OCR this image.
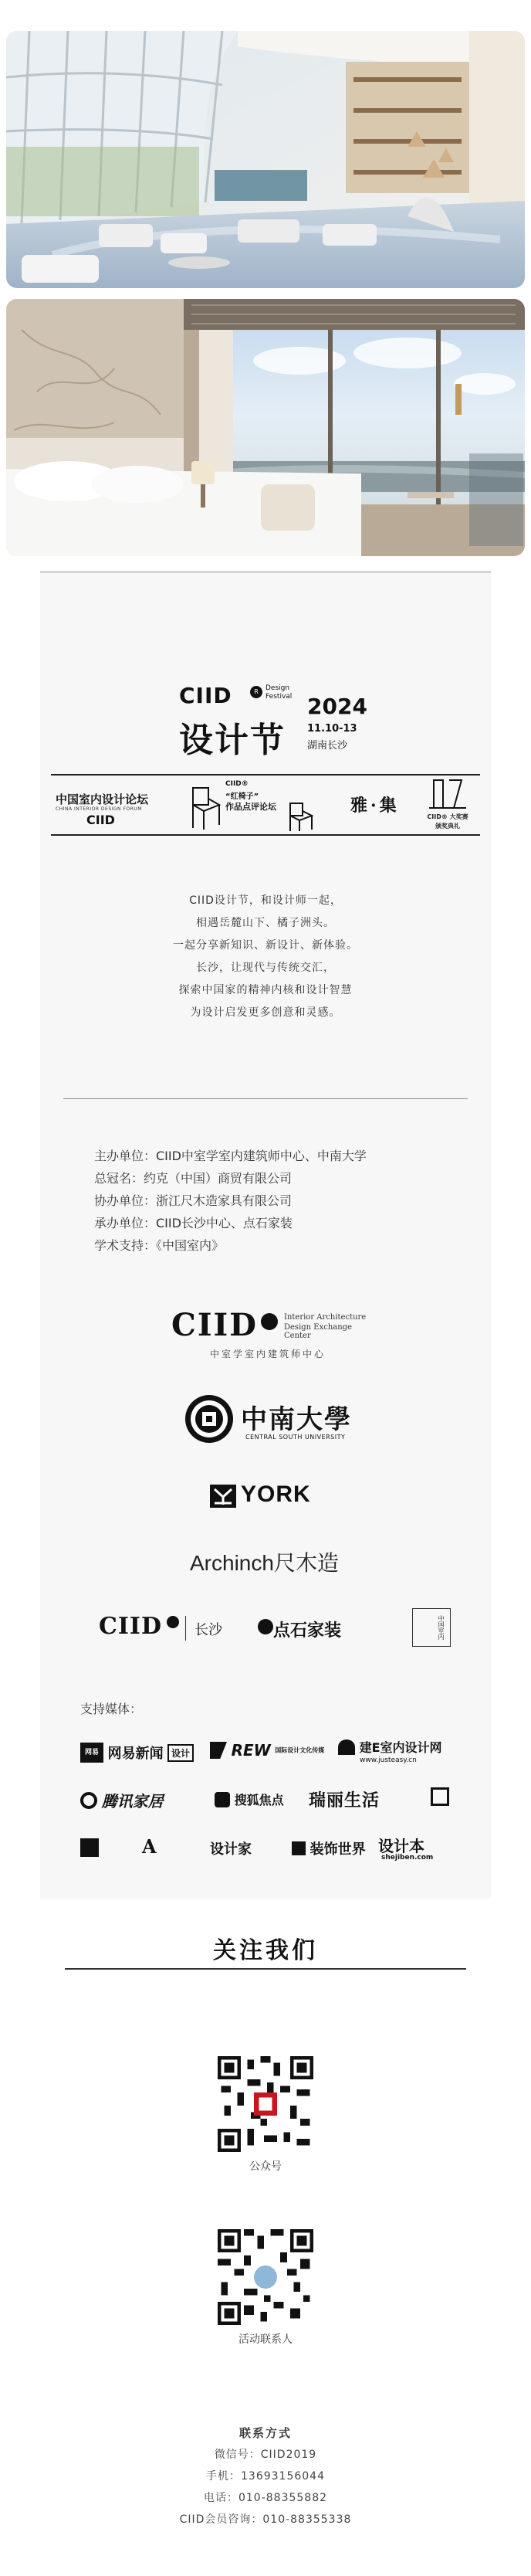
CIID	R	Design
Festival
设计节
2024
11.10-13
湖南长沙
中国室内设计论坛
CHINA INTERIOR DESIGN FORUM
CIID
CIID®
“红椅子”
作品点评论坛	雅·集
CIID® 大奖赛
颁奖典礼

CIID设计节，和设计师一起，

相遇岳麓山下、橘子洲头。

一起分享新知识、新设计、新体验。

长沙，让现代与传统交汇，

探索中国家的精神内核和设计智慧

为设计启发更多创意和灵感。

主办单位：CIID中室学室内建筑师中心、中南大学

总冠名：约克（中国）商贸有限公司

协办单位：浙江尺木造家具有限公司

承办单位：CIID长沙中心、点石家装

学术支持：《中国室内》

CIID	Interior Architecture
Design Exchange Center
中室学室内建筑师中心
中南大學
CENTRAL SOUTH UNIVERSITY
YORK
Archinch尺木造
CIID 长沙	点石家装	中国室内
支持媒体：
网易 网易新闻 设计	REW 国际设计文化传媒	建E室内设计网
www.justeasy.cn
腾讯家居	搜狐焦点 瑞丽生活
A	设计家	装饰世界 设计本
shejiben.com
关注我们
公众号
活动联系人
联系方式

微信号：CIID2019

手机：13693156044

电话：010-88355882

CIID会员咨询：010-88355338
